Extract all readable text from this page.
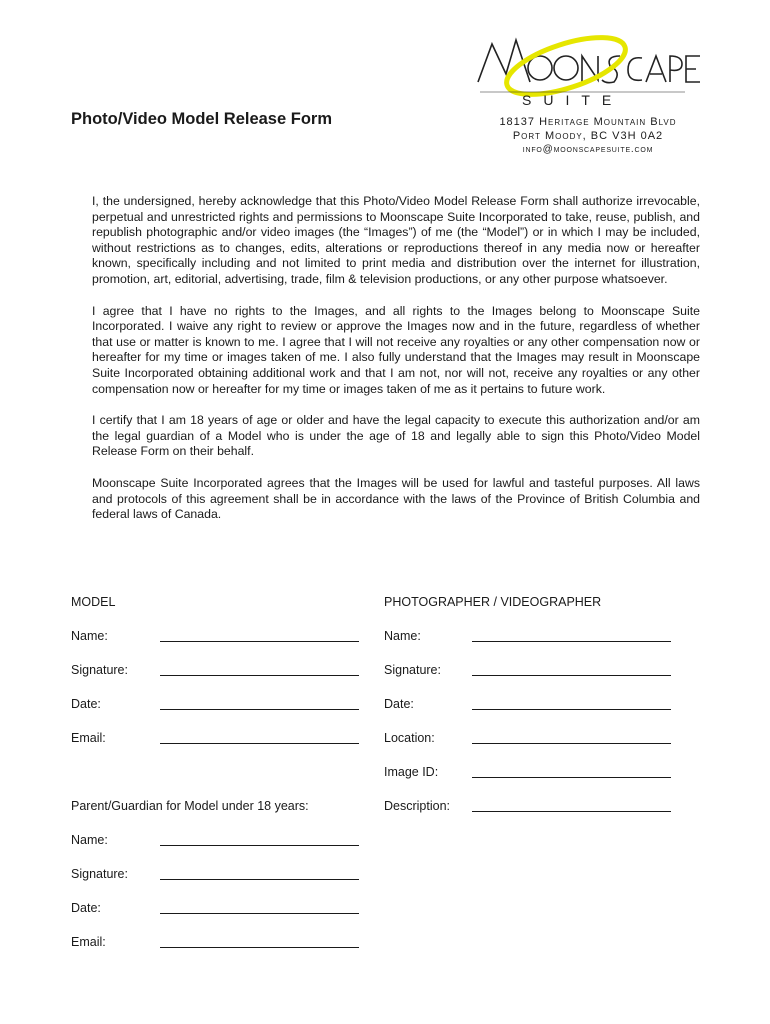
Photo/Video Model Release Form
SUITE
18137 Heritage Mountain Blvd
Port Moody, BC V3H 0A2
info@moonscapesuite.com

I, the undersigned, hereby acknowledge that this Photo/Video Model Release Form shall authorize irrevocable, perpetual and unrestricted rights and permissions to Moonscape Suite Incorporated to take, reuse, publish, and republish photographic and/or video images (the “Images”) of me (the “Model”) or in which I may be included, without restrictions as to changes, edits, alterations or reproductions thereof in any media now or hereafter known, specifically including and not limited to print media and distribution over the internet for illustration, promotion, art, editorial, advertising, trade, film & television productions, or any other purpose whatsoever.

I agree that I have no rights to the Images, and all rights to the Images belong to Moonscape Suite Incorporated. I waive any right to review or approve the Images now and in the future, regardless of whether that use or matter is known to me. I agree that I will not receive any royalties or any other compensation now or hereafter for my time or images taken of me. I also fully understand that the Images may result in Moonscape Suite Incorporated obtaining additional work and that I am not, nor will not, receive any royalties or any other compensation now or hereafter for my time or images taken of me as it pertains to future work.

I certify that I am 18 years of age or older and have the legal capacity to execute this authorization and/or am the legal guardian of a Model who is under the age of 18 and legally able to sign this Photo/Video Model Release Form on their behalf.

Moonscape Suite Incorporated agrees that the Images will be used for lawful and tasteful purposes. All laws and protocols of this agreement shall be in accordance with the laws of the Province of British Columbia and federal laws of Canada.

MODEL
Name:
Signature:
Date:
Email:
PHOTOGRAPHER / VIDEOGRAPHER
Name:
Signature:
Date:
Location:
Image ID:
Description:
Parent/Guardian for Model under 18 years:
Name:
Signature:
Date:
Email:
